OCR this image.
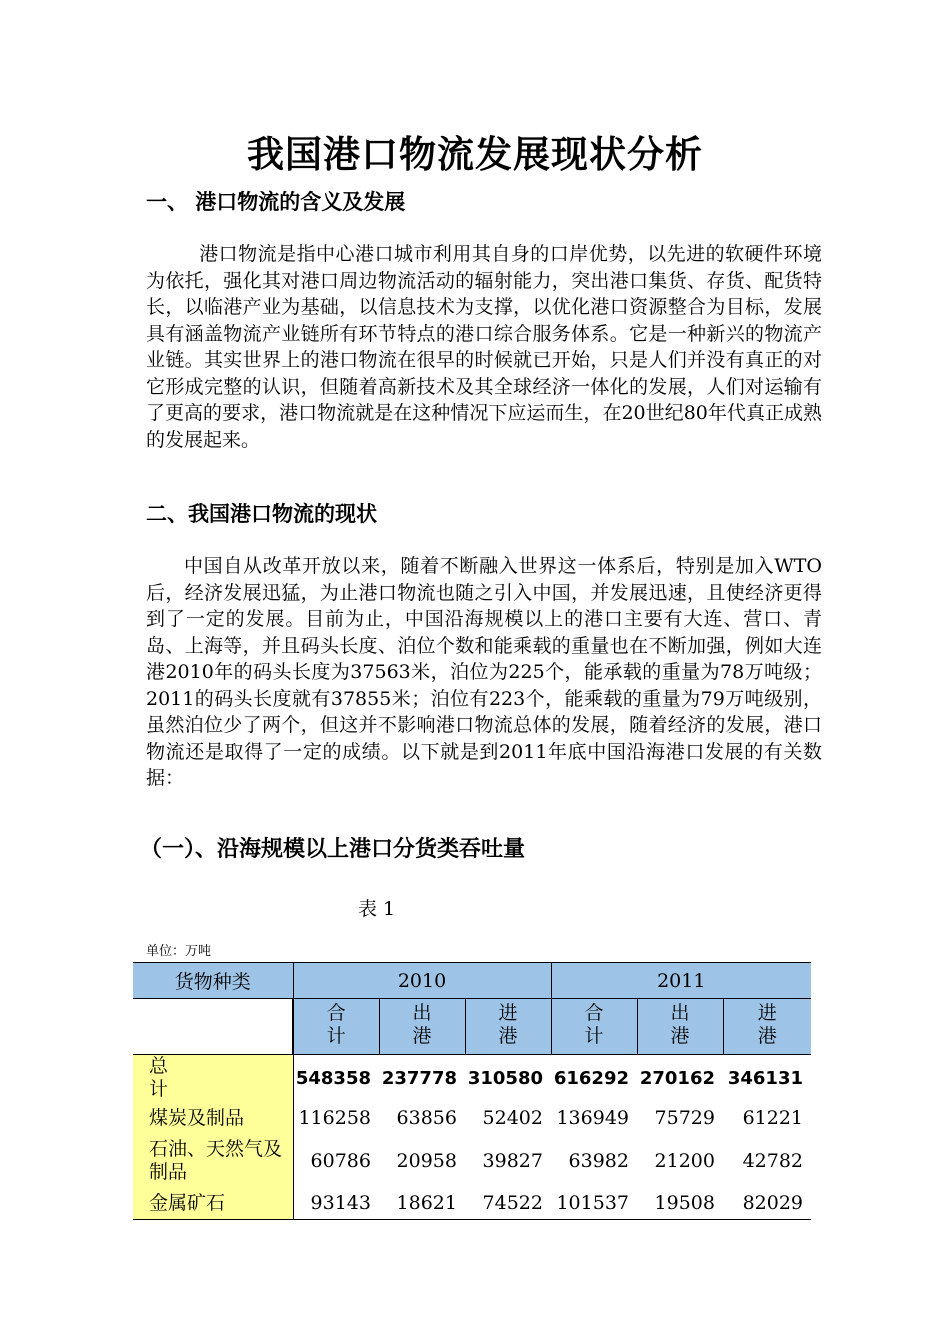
我国港口物流发展现状分析
一、 港口物流的含义及发展

港口物流是指中心港口城市利用其自身的口岸优势，以先进的软硬件环境为依托，强化其对港口周边物流活动的辐射能力，突出港口集货、存货、配货特长，以临港产业为基础，以信息技术为支撑，以优化港口资源整合为目标，发展具有涵盖物流产业链所有环节特点的港口综合服务体系。它是一种新兴的物流产业链。其实世界上的港口物流在很早的时候就已开始，只是人们并没有真正的对它形成完整的认识，但随着高新技术及其全球经济一体化的发展，人们对运输有了更高的要求，港口物流就是在这种情况下应运而生，在20世纪80年代真正成熟的发展起来。

二、我国港口物流的现状

中国自从改革开放以来，随着不断融入世界这一体系后，特别是加入WTO后，经济发展迅猛，为止港口物流也随之引入中国，并发展迅速，且使经济更得到了一定的发展。目前为止，中国沿海规模以上的港口主要有大连、营口、青岛、上海等，并且码头长度、泊位个数和能乘载的重量也在不断加强，例如大连港2010年的码头长度为37563米，泊位为225个，能承载的重量为78万吨级；2011的码头长度就有37855米；泊位有223个，能乘载的重量为79万吨级别，虽然泊位少了两个，但这并不影响港口物流总体的发展，随着经济的发展，港口物流还是取得了一定的成绩。以下就是到2011年底中国沿海港口发展的有关数据：

（一）、沿海规模以上港口分货类吞吐量
表 1
单位：万吨
货物种类	2010			2011		
	合计	出港	进港	合计	出港	进港
总 计	548358	237778	310580	616292	270162	346131
煤炭及制品	116258	63856	52402	136949	75729	61221
石油、天然气及制品	60786	20958	39827	63982	21200	42782
金属矿石	93143	18621	74522	101537	19508	82029
